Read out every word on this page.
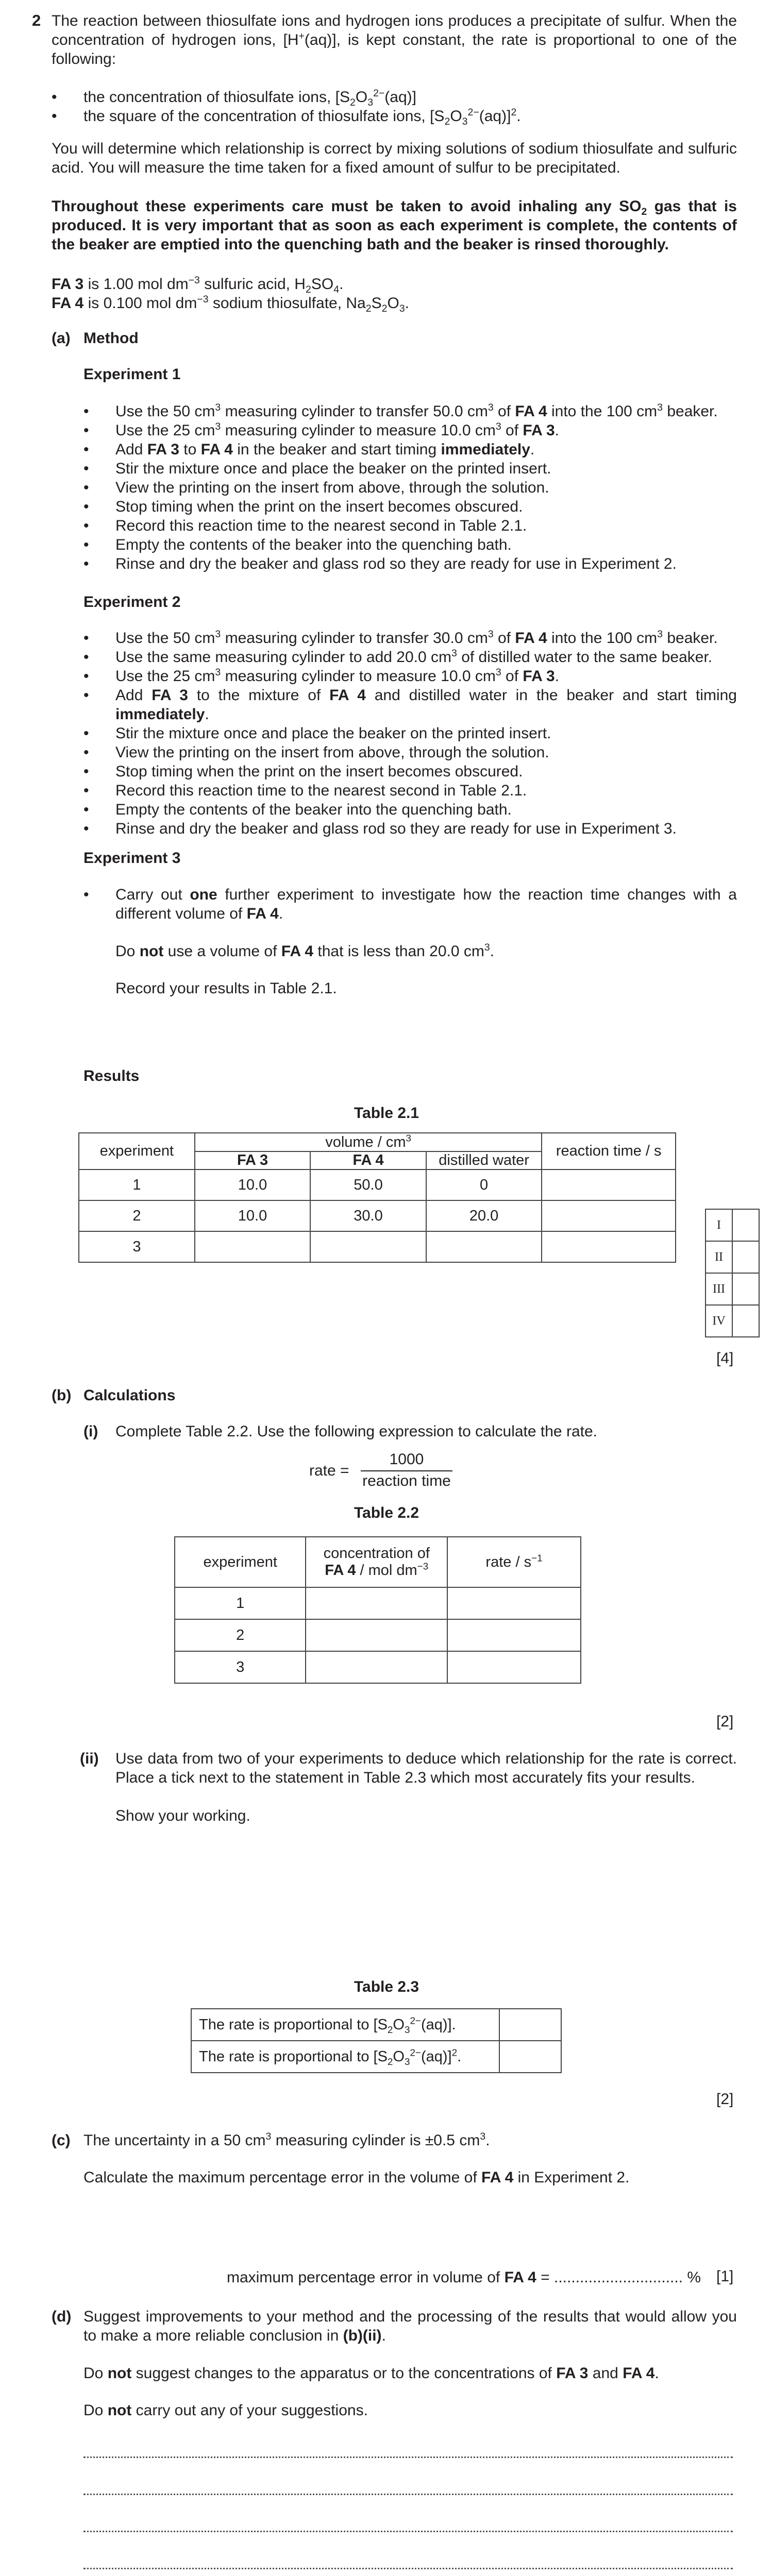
2 The reaction between thiosulfate ions and hydrogen ions produces a precipitate of sulfur. When the concentration of hydrogen ions, [H+(aq)], is kept constant, the rate is proportional to one of the following:
• the concentration of thiosulfate ions, $[S_2O_3^{2-}(aq)]$
• the square of the concentration of thiosulfate ions, $[S_2O_3^{2-}(aq)]^2$.
You will determine which relationship is correct by mixing solutions of sodium thiosulfate and sulfuric acid. You will measure the time taken for a fixed amount of sulfur to be precipitated.
Throughout these experiments care must be taken to avoid inhaling any $SO_2$ gas that is produced. It is very important that as soon as each experiment is complete, the contents of the beaker are emptied into the quenching bath and the beaker is rinsed thoroughly.
FA 3 is 1.00 mol $dm^{-3}$ sulfuric acid, $H_2SO_4$.
FA 4 is 0.100 mol $dm^{-3}$ sodium thiosulfate, $Na_2S_2O_3$.
(a) Method
Experiment 1
• Use the 50 $cm^3$ measuring cylinder to transfer 50.0 $cm^3$ of FA 4 into the 100 $cm^3$ beaker.
• Use the 25 $cm^3$ measuring cylinder to measure 10.0 $cm^3$ of FA 3.
• Add FA 3 to FA 4 in the beaker and start timing immediately.
• Stir the mixture once and place the beaker on the printed insert.
• View the printing on the insert from above, through the solution.
• Stop timing when the print on the insert becomes obscured.
• Record this reaction time to the nearest second in Table 2.1.
• Empty the contents of the beaker into the quenching bath.
• Rinse and dry the beaker and glass rod so they are ready for use in Experiment 2.
Experiment 2
• Use the 50 $cm^3$ measuring cylinder to transfer 30.0 $cm^3$ of FA 4 into the 100 $cm^3$ beaker.
• Use the same measuring cylinder to add 20.0 $cm^3$ of distilled water to the same beaker.
• Use the 25 $cm^3$ measuring cylinder to measure 10.0 $cm^3$ of FA 3.
• Add FA 3 to the mixture of FA 4 and distilled water in the beaker and start timing immediately.
• Stir the mixture once and place the beaker on the printed insert.
• View the printing on the insert from above, through the solution.
• Stop timing when the print on the insert becomes obscured.
• Record this reaction time to the nearest second in Table 2.1.
• Empty the contents of the beaker into the quenching bath.
• Rinse and dry the beaker and glass rod so they are ready for use in Experiment 3.
Experiment 3
• Carry out one further experiment to investigate how the reaction time changes with a different volume of FA 4.
Do not use a volume of FA 4 that is less than 20.0 $cm^3$.
Record your results in Table 2.1.
Results
Table 2.1
experiment	volume / $cm^3$			reaction time / s
	FA 3	FA 4	distilled water	
1	10.0	50.0	0	
2	10.0	30.0	20.0	
3				
I	
II	
III	
IV	
[4]
(b) Calculations
(i) Complete Table 2.2. Use the following expression to calculate the rate.
rate =
1000
reaction time
Table 2.2
experiment	concentration of
FA 4 / mol $dm^{-3}$	rate / $s^{-1}$
1		
2		
3		
[2]
(ii) Use data from two of your experiments to deduce which relationship for the rate is correct. Place a tick next to the statement in Table 2.3 which most accurately fits your results.
Show your working.
Table 2.3
The rate is proportional to $[S_2O_3^{2-}(aq)]$.	
The rate is proportional to $[S_2O_3^{2-}(aq)]^2$.	
[2]
(c) The uncertainty in a 50 $cm^3$ measuring cylinder is ±0.5 $cm^3$.
Calculate the maximum percentage error in the volume of FA 4 in Experiment 2.
maximum percentage error in volume of FA 4 = .............................. % [1]
(d) Suggest improvements to your method and the processing of the results that would allow you to make a more reliable conclusion in (b)(ii).
Do not suggest changes to the apparatus or to the concentrations of FA 3 and FA 4.
Do not carry out any of your suggestions.
